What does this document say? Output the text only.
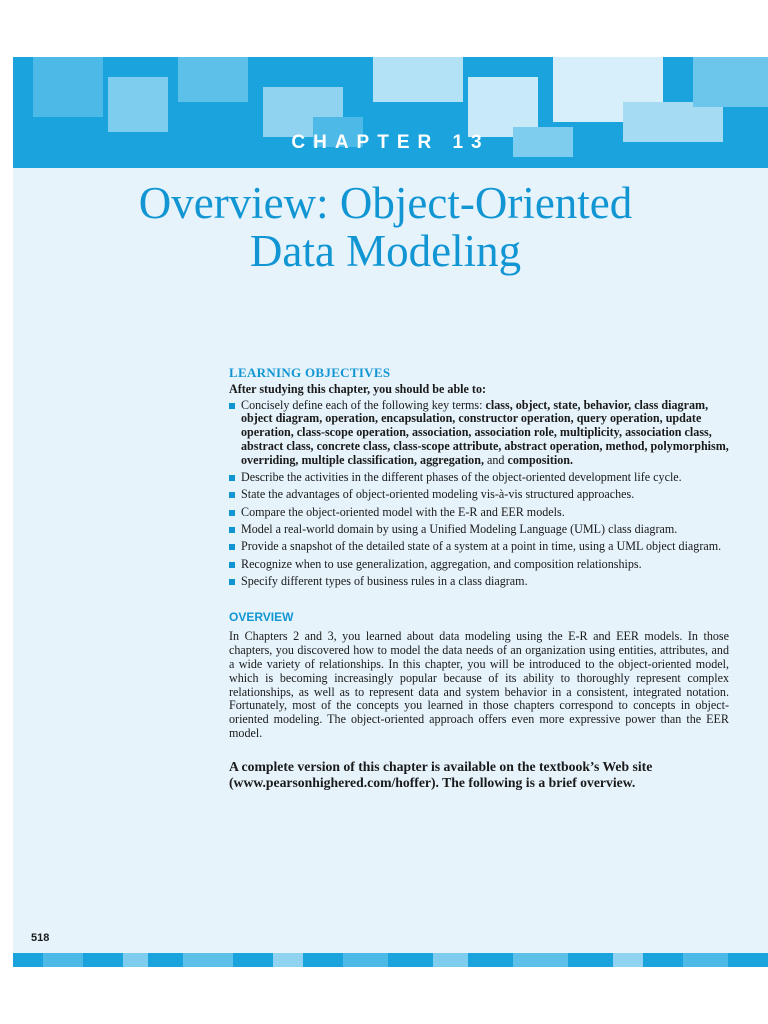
CHAPTER 13
Overview: Object-Oriented
Data Modeling
LEARNING OBJECTIVES
After studying this chapter, you should be able to:
Concisely define each of the following key terms: class, object, state, behavior, class diagram, object diagram, operation, encapsulation, constructor operation, query operation, update operation, class-scope operation, association, association role, multiplicity, association class, abstract class, concrete class, class-scope attribute, abstract operation, method, polymorphism, overriding, multiple classification, aggregation, and composition.
Describe the activities in the different phases of the object-oriented development life cycle.
State the advantages of object-oriented modeling vis-à-vis structured approaches.
Compare the object-oriented model with the E-R and EER models.
Model a real-world domain by using a Unified Modeling Language (UML) class diagram.
Provide a snapshot of the detailed state of a system at a point in time, using a UML object diagram.
Recognize when to use generalization, aggregation, and composition relationships.
Specify different types of business rules in a class diagram.
OVERVIEW

In Chapters 2 and 3, you learned about data modeling using the E-R and EER models. In those chapters, you discovered how to model the data needs of an organization using entities, attributes, and a wide variety of relationships. In this chapter, you will be introduced to the object-oriented model, which is becoming increasingly popular because of its ability to thoroughly represent complex relationships, as well as to represent data and system behavior in a consistent, integrated notation. Fortunately, most of the concepts you learned in those chapters correspond to concepts in object-oriented modeling. The object-oriented approach offers even more expressive power than the EER model.

A complete version of this chapter is available on the textbook’s Web site (www.pearsonhighered.com/hoffer). The following is a brief overview.
518
